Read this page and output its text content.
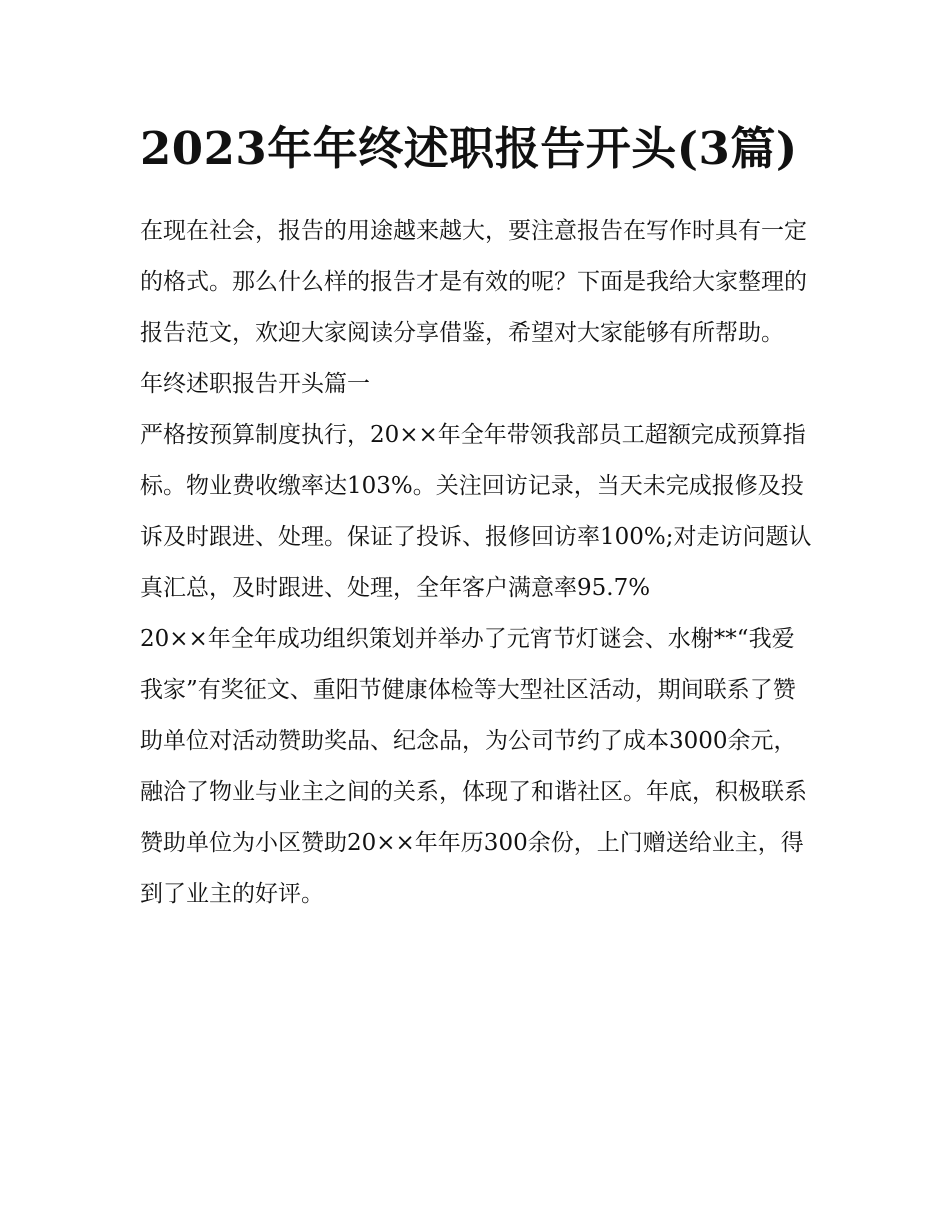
2023年年终述职报告开头(3篇)

在现在社会，报告的用途越来越大，要注意报告在写作时具有一定的格式。那么什么样的报告才是有效的呢？下面是我给大家整理的报告范文，欢迎大家阅读分享借鉴，希望对大家能够有所帮助。

年终述职报告开头篇一

严格按预算制度执行，20××年全年带领我部员工超额完成预算指标。物业费收缴率达103%。关注回访记录，当天未完成报修及投诉及时跟进、处理。保证了投诉、报修回访率100%;对走访问题认真汇总，及时跟进、处理，全年客户满意率95.7%

20××年全年成功组织策划并举办了元宵节灯谜会、水榭**“我爱我家”有奖征文、重阳节健康体检等大型社区活动，期间联系了赞助单位对活动赞助奖品、纪念品，为公司节约了成本3000余元，融洽了物业与业主之间的关系，体现了和谐社区。年底，积极联系赞助单位为小区赞助20××年年历300余份，上门赠送给业主，得到了业主的好评。
